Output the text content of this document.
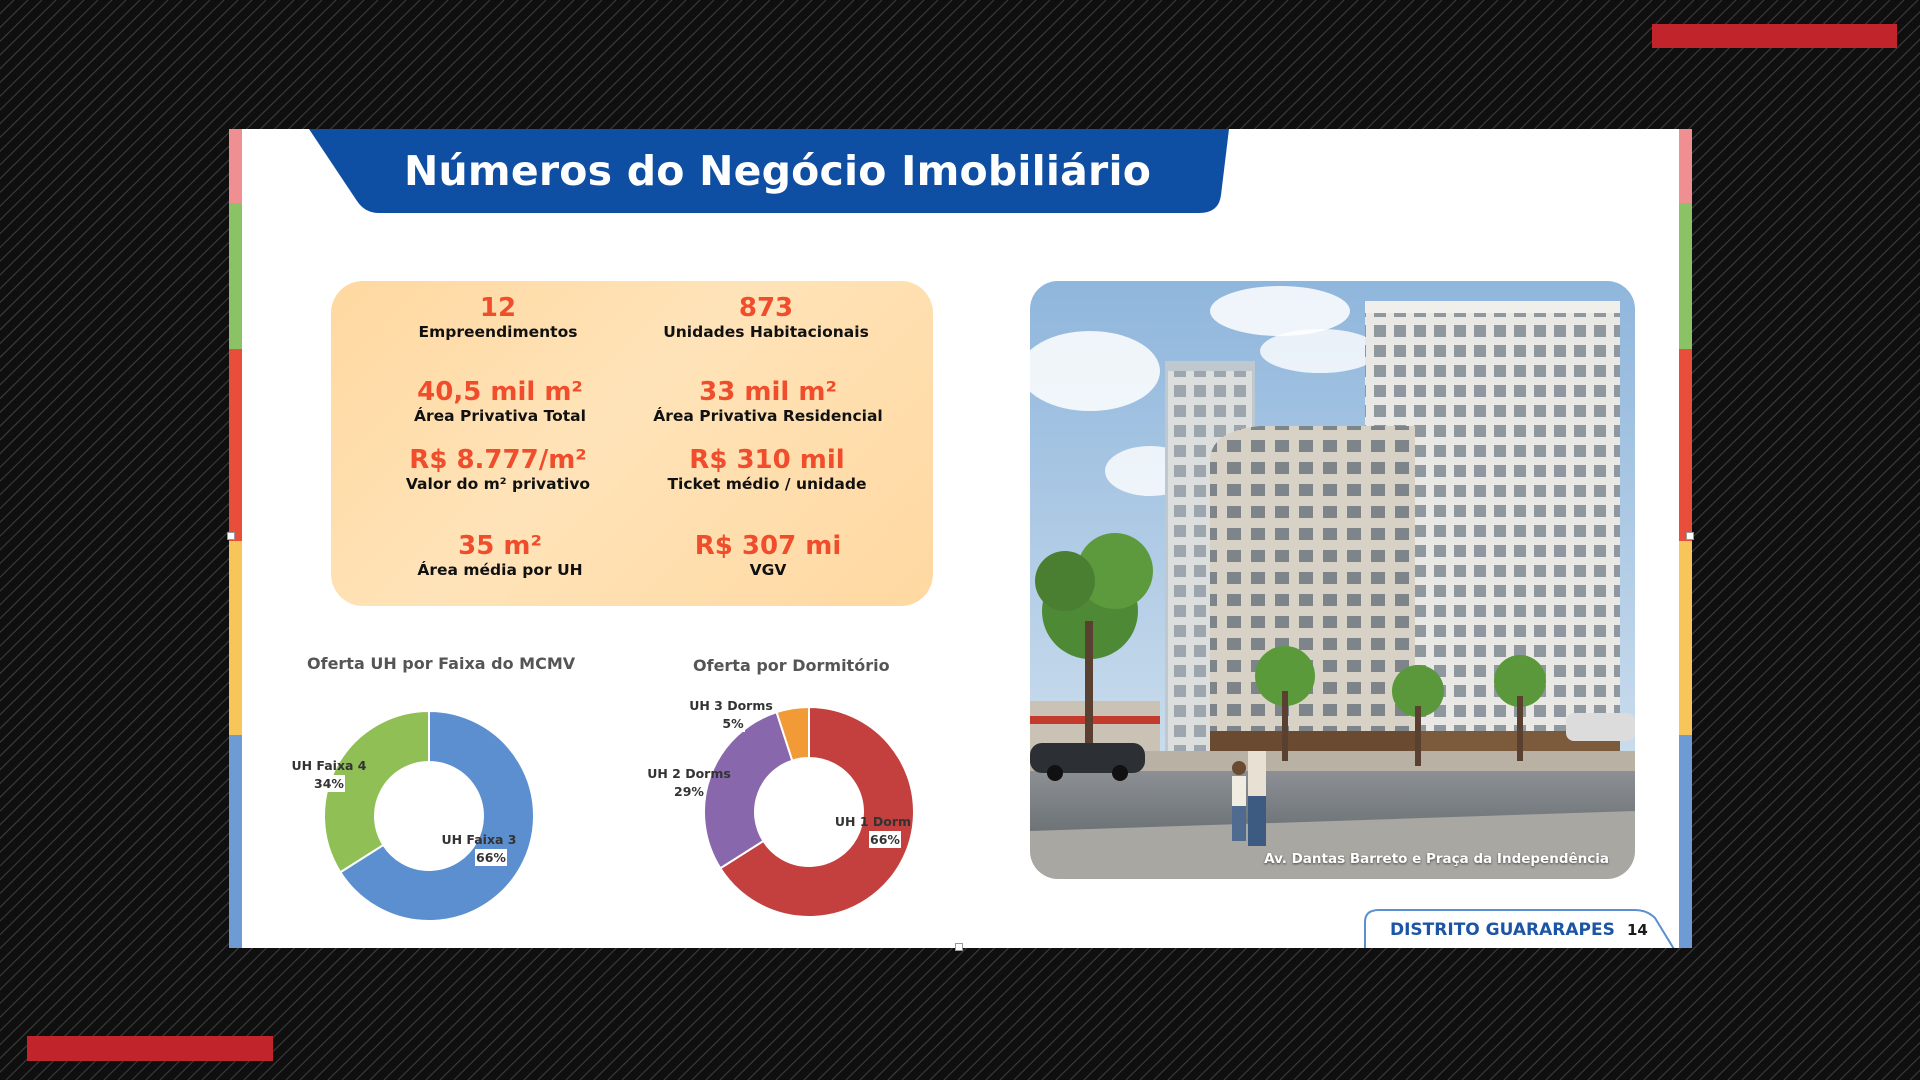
Números do Negócio Imobiliário
12
Empreendimentos
873
Unidades Habitacionais
40,5 mil m²
Área Privativa Total
33 mil m²
Área Privativa Residencial
R$ 8.777/m²
Valor do m² privativo
R$ 310 mil
Ticket médio / unidade
35 m²
Área média por UH
R$ 307 mi
VGV
Oferta UH por Faixa do MCMV
UH Faixa 3
66%
UH Faixa 4
34%
Oferta por Dormitório
UH 1 Dorm
66%
UH 2 Dorms
29%
UH 3 Dorms
5%
Av. Dantas Barreto e Praça da Independência
DISTRITO GUARARAPES 14
